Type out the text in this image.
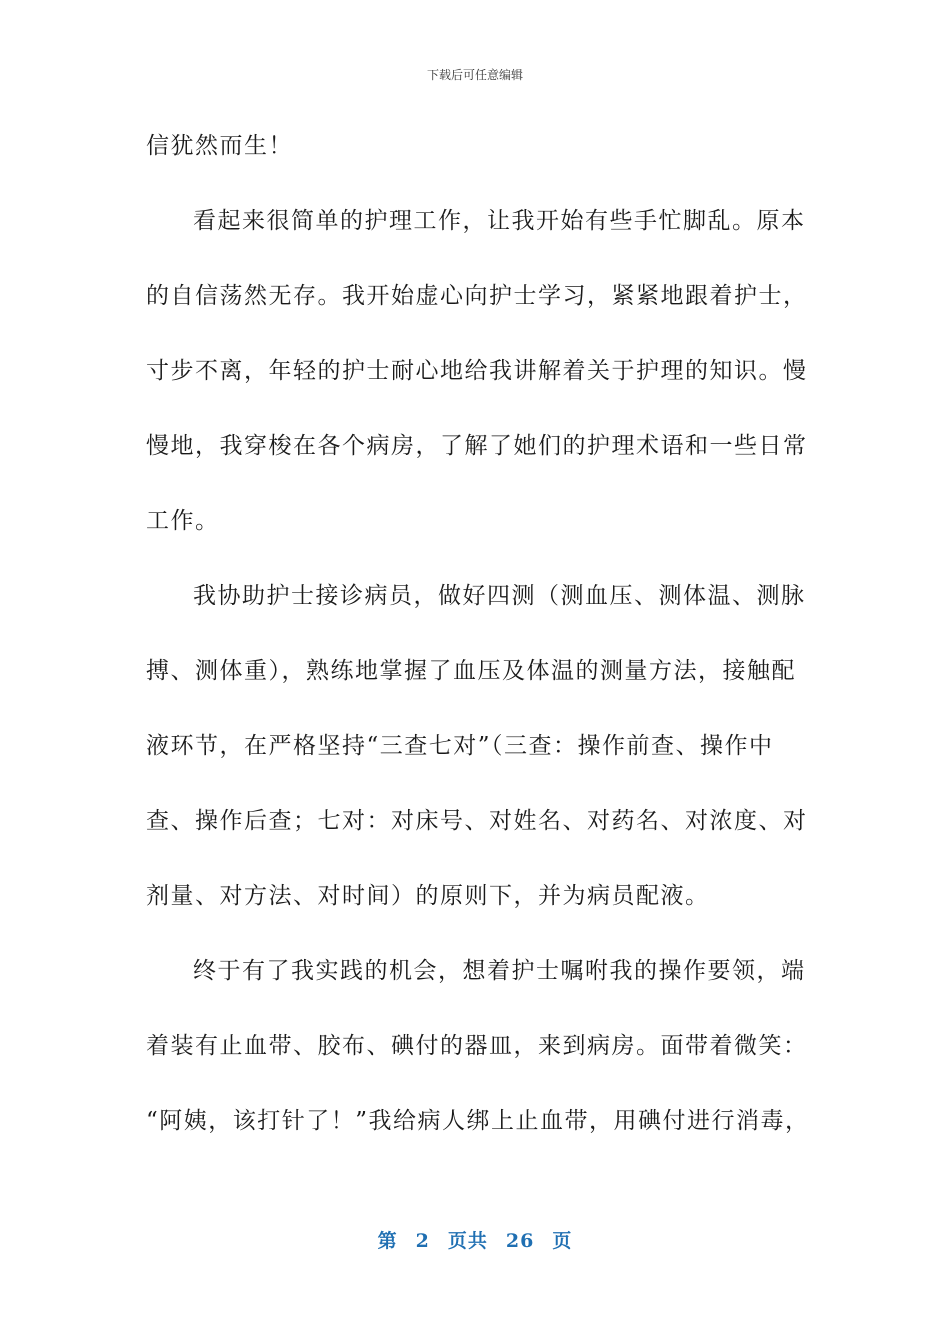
下载后可任意编辑
信犹然而生！
看起来很简单的护理工作，让我开始有些手忙脚乱。原本
的自信荡然无存。我开始虚心向护士学习，紧紧地跟着护士，
寸步不离，年轻的护士耐心地给我讲解着关于护理的知识。慢
慢地，我穿梭在各个病房，了解了她们的护理术语和一些日常
工作。
我协助护士接诊病员，做好四测（测血压、测体温、测脉
搏、测体重），熟练地掌握了血压及体温的测量方法，接触配
液环节，在严格坚持“三查七对”（三查：操作前查、操作中
查、操作后查；七对：对床号、对姓名、对药名、对浓度、对
剂量、对方法、对时间）的原则下，并为病员配液。
终于有了我实践的机会，想着护士嘱咐我的操作要领，端
着装有止血带、胶布、碘付的器皿，来到病房。面带着微笑：
“阿姨，该打针了！”我给病人绑上止血带，用碘付进行消毒，
第 2 页共 26 页
